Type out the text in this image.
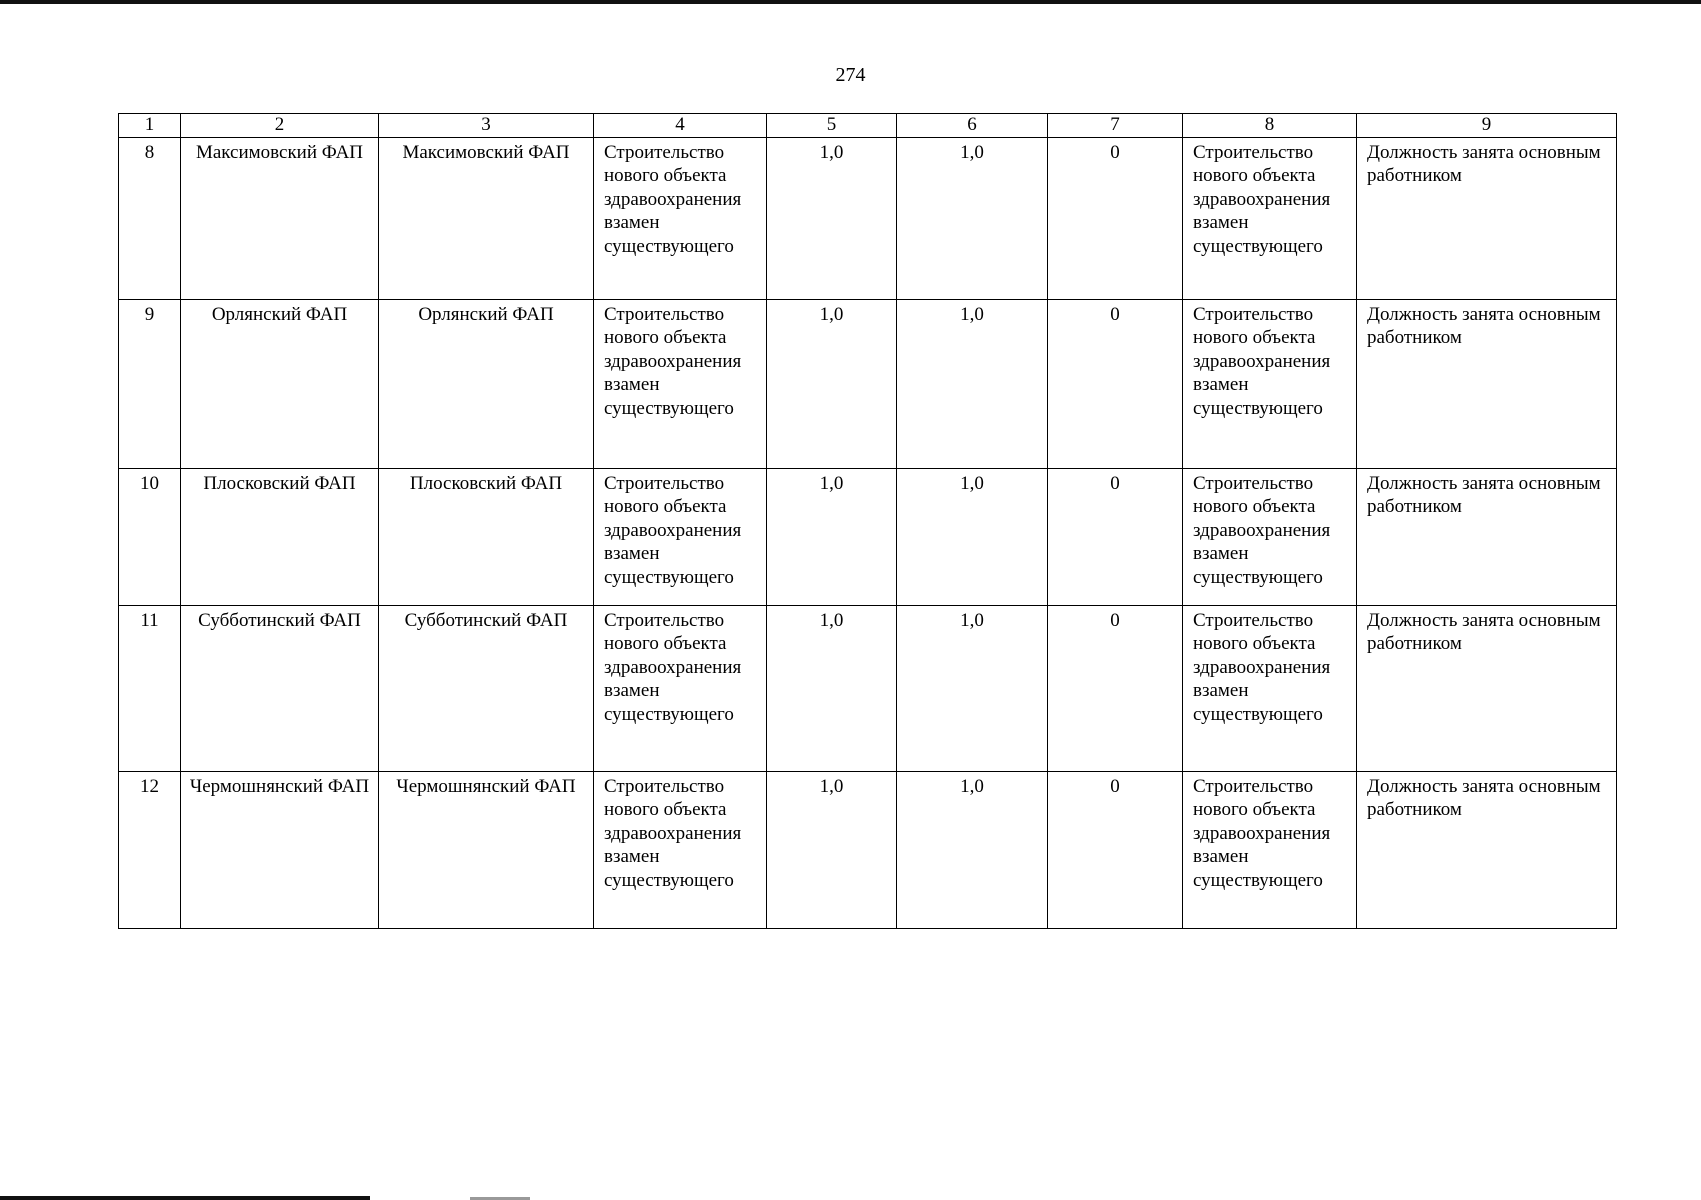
274
1	2	3	4	5	6	7	8	9
8	Максимовский ФАП	Максимовский ФАП	Строительство нового объекта здравоохранения взамен существующего	1,0	1,0	0	Строительство нового объекта здравоохранения взамен существующего	Должность занята основным работником
9	Орлянский ФАП	Орлянский ФАП	Строительство нового объекта здравоохранения взамен существующего	1,0	1,0	0	Строительство нового объекта здравоохранения взамен существующего	Должность занята основным работником
10	Плосковский ФАП	Плосковский ФАП	Строительство нового объекта здравоохранения взамен существующего	1,0	1,0	0	Строительство нового объекта здравоохранения взамен существующего	Должность занята основным работником
11	Субботинский ФАП	Субботинский ФАП	Строительство нового объекта здравоохранения взамен существующего	1,0	1,0	0	Строительство нового объекта здравоохранения взамен существующего	Должность занята основным работником
12	Чермошнянский ФАП	Чермошнянский ФАП	Строительство нового объекта здравоохранения взамен существующего	1,0	1,0	0	Строительство нового объекта здравоохранения взамен существующего	Должность занята основным работником
